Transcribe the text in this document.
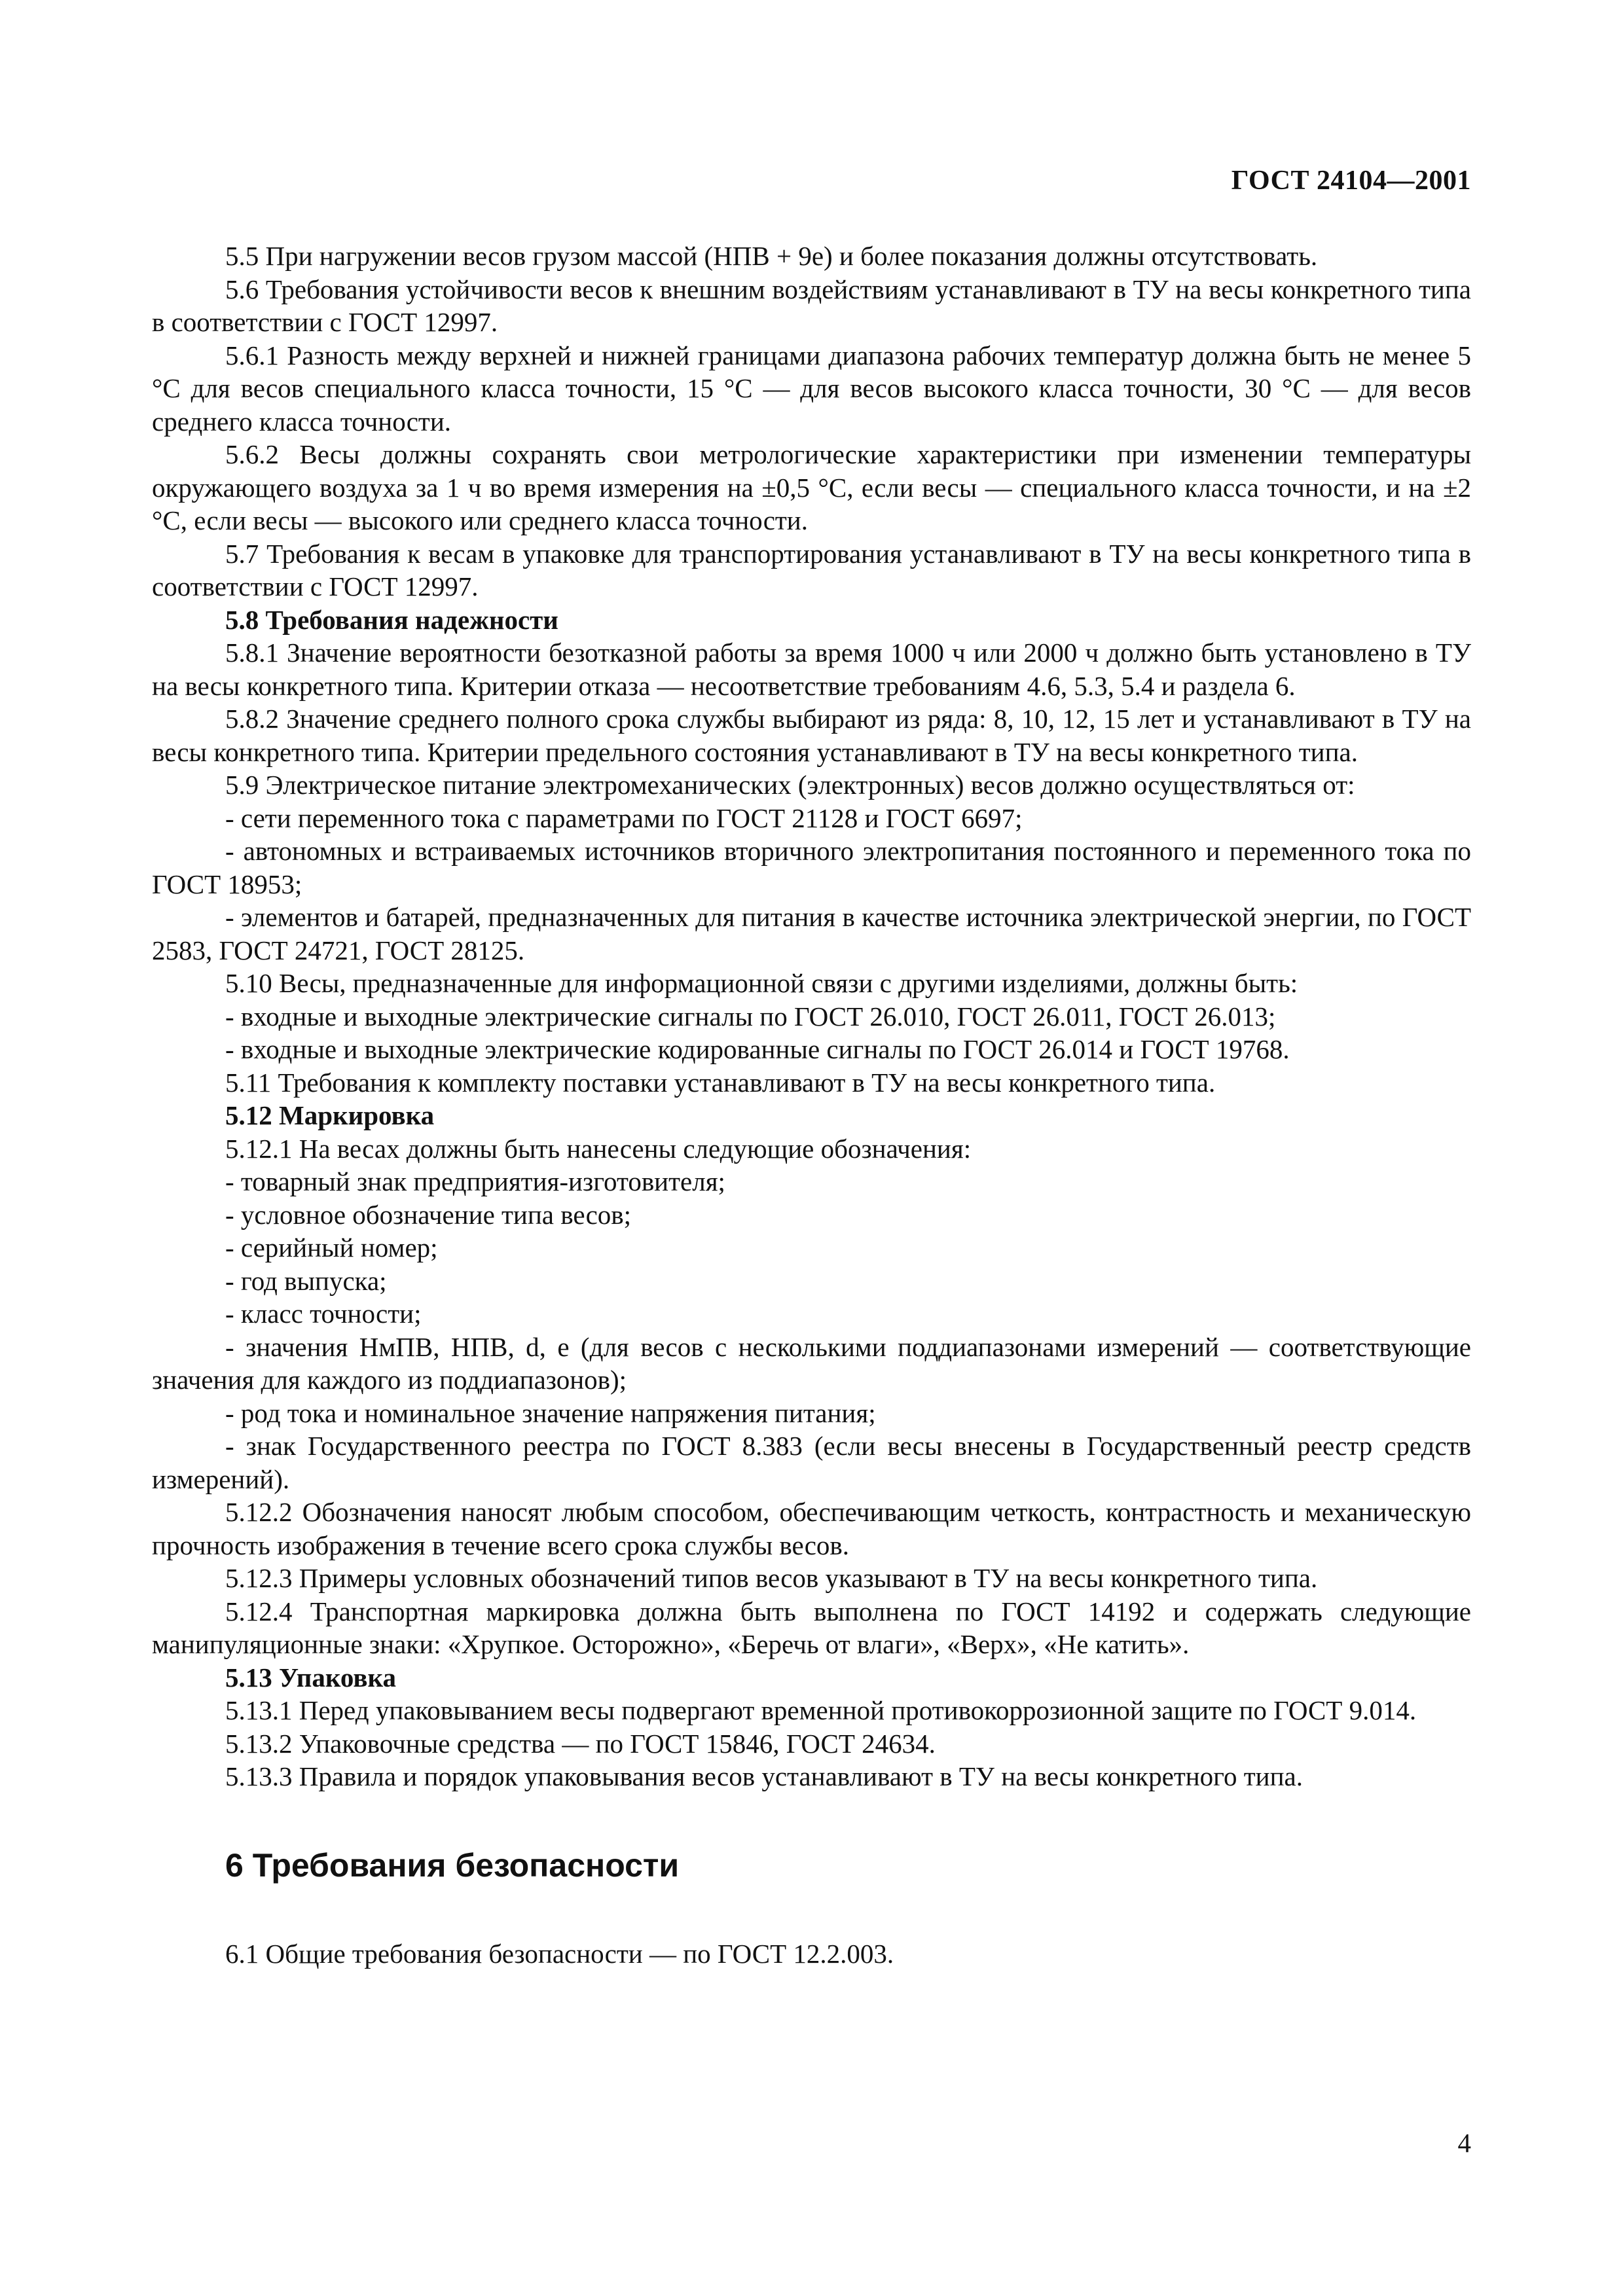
ГОСТ 24104—2001

5.5 При нагружении весов грузом массой (НПВ + 9е) и более показания должны отсутствовать.

5.6 Требования устойчивости весов к внешним воздействиям устанавливают в ТУ на весы конкретного типа в соответствии с ГОСТ 12997.

5.6.1 Разность между верхней и нижней границами диапазона рабочих температур должна быть не менее 5 °С для весов специального класса точности, 15 °С — для весов высокого класса точности, 30 °С — для весов среднего класса точности.

5.6.2 Весы должны сохранять свои метрологические характеристики при изменении температуры окружающего воздуха за 1 ч во время измерения на ±0,5 °С, если весы — специального класса точности, и на ±2 °С, если весы — высокого или среднего класса точности.

5.7 Требования к весам в упаковке для транспортирования устанавливают в ТУ на весы конкретного типа в соответствии с ГОСТ 12997.

5.8 Требования надежности

5.8.1 Значение вероятности безотказной работы за время 1000 ч или 2000 ч должно быть установлено в ТУ на весы конкретного типа. Критерии отказа — несоответствие требованиям 4.6, 5.3, 5.4 и раздела 6.

5.8.2 Значение среднего полного срока службы выбирают из ряда: 8, 10, 12, 15 лет и устанавливают в ТУ на весы конкретного типа. Критерии предельного состояния устанавливают в ТУ на весы конкретного типа.

5.9 Электрическое питание электромеханических (электронных) весов должно осуществляться от:

- сети переменного тока с параметрами по ГОСТ 21128 и ГОСТ 6697;

- автономных и встраиваемых источников вторичного электропитания постоянного и переменного тока по ГОСТ 18953;

- элементов и батарей, предназначенных для питания в качестве источника электрической энергии, по ГОСТ 2583, ГОСТ 24721, ГОСТ 28125.

5.10 Весы, предназначенные для информационной связи с другими изделиями, должны быть:

- входные и выходные электрические сигналы по ГОСТ 26.010, ГОСТ 26.011, ГОСТ 26.013;

- входные и выходные электрические кодированные сигналы по ГОСТ 26.014 и ГОСТ 19768.

5.11 Требования к комплекту поставки устанавливают в ТУ на весы конкретного типа.

5.12 Маркировка

5.12.1 На весах должны быть нанесены следующие обозначения:

- товарный знак предприятия-изготовителя;

- условное обозначение типа весов;

- серийный номер;

- год выпуска;

- класс точности;

- значения НмПВ, НПВ, d, e (для весов с несколькими поддиапазонами измерений — соответствующие значения для каждого из поддиапазонов);

- род тока и номинальное значение напряжения питания;

- знак Государственного реестра по ГОСТ 8.383 (если весы внесены в Государственный реестр средств измерений).

5.12.2 Обозначения наносят любым способом, обеспечивающим четкость, контрастность и механическую прочность изображения в течение всего срока службы весов.

5.12.3 Примеры условных обозначений типов весов указывают в ТУ на весы конкретного типа.

5.12.4 Транспортная маркировка должна быть выполнена по ГОСТ 14192 и содержать следующие манипуляционные знаки: «Хрупкое. Осторожно», «Беречь от влаги», «Верх», «Не катить».

5.13 Упаковка

5.13.1 Перед упаковыванием весы подвергают временной противокоррозионной защите по ГОСТ 9.014.

5.13.2 Упаковочные средства — по ГОСТ 15846, ГОСТ 24634.

5.13.3 Правила и порядок упаковывания весов устанавливают в ТУ на весы конкретного типа.

6 Требования безопасности

6.1 Общие требования безопасности — по ГОСТ 12.2.003.

4
